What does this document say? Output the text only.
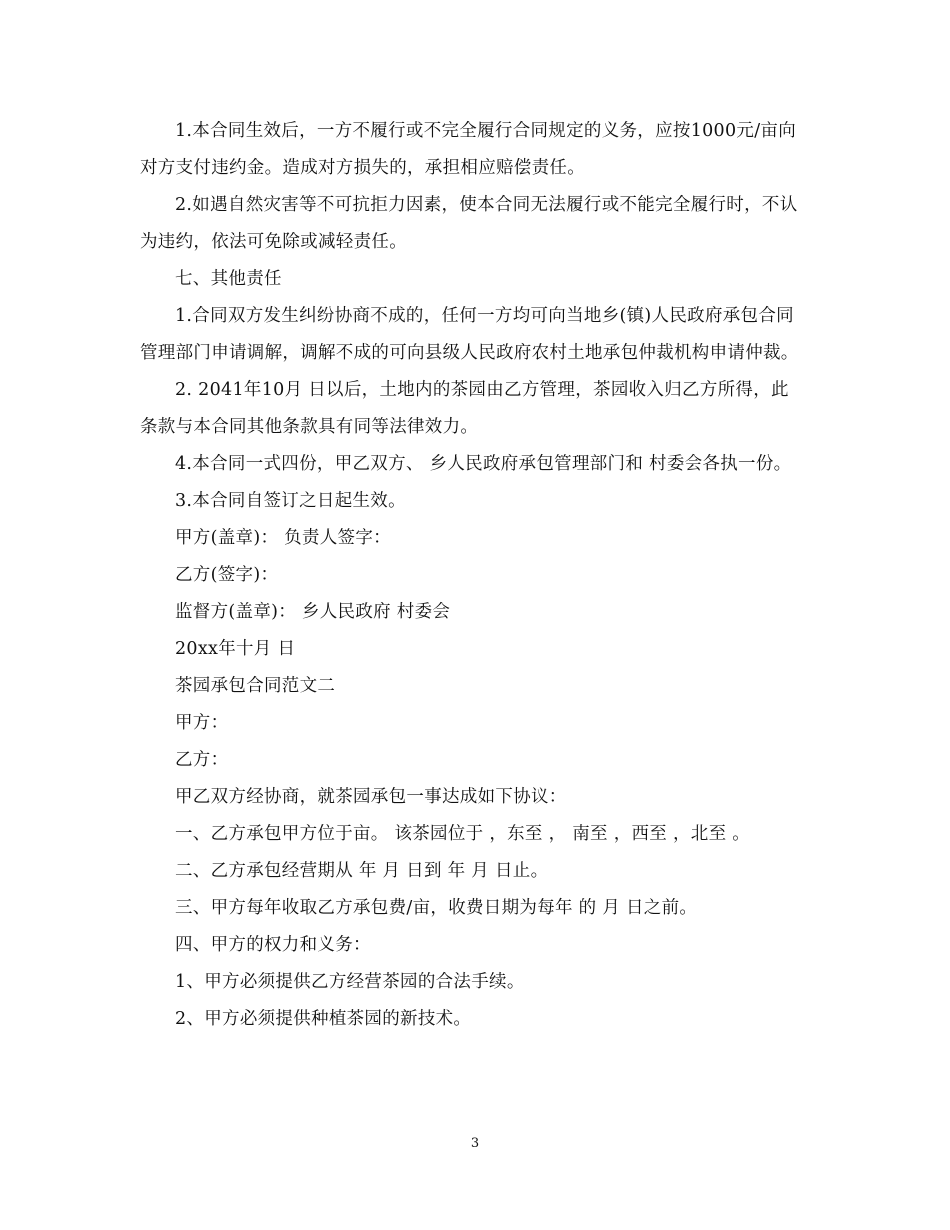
1.本合同生效后，一方不履行或不完全履行合同规定的义务，应按1000元/亩向对方支付违约金。造成对方损失的，承担相应赔偿责任。

2.如遇自然灾害等不可抗拒力因素，使本合同无法履行或不能完全履行时，不认为违约，依法可免除或减轻责任。

七、其他责任

1.合同双方发生纠纷协商不成的，任何一方均可向当地乡(镇)人民政府承包合同管理部门申请调解，调解不成的可向县级人民政府农村土地承包仲裁机构申请仲裁。

2. 2041年10月 日以后，土地内的茶园由乙方管理，茶园收入归乙方所得，此条款与本合同其他条款具有同等法律效力。

4.本合同一式四份，甲乙双方、 乡人民政府承包管理部门和 村委会各执一份。

3.本合同自签订之日起生效。

甲方(盖章)： 负责人签字：

乙方(签字)：

监督方(盖章)： 乡人民政府 村委会

20xx年十月 日

茶园承包合同范文二

甲方：

乙方：

甲乙双方经协商，就茶园承包一事达成如下协议：

一、乙方承包甲方位于亩。 该茶园位于 ，东至 ， 南至 ，西至 ，北至 。

二、乙方承包经营期从 年 月 日到 年 月 日止。

三、甲方每年收取乙方承包费/亩，收费日期为每年 的 月 日之前。

四、甲方的权力和义务：

1、甲方必须提供乙方经营茶园的合法手续。

2、甲方必须提供种植茶园的新技术。

3
